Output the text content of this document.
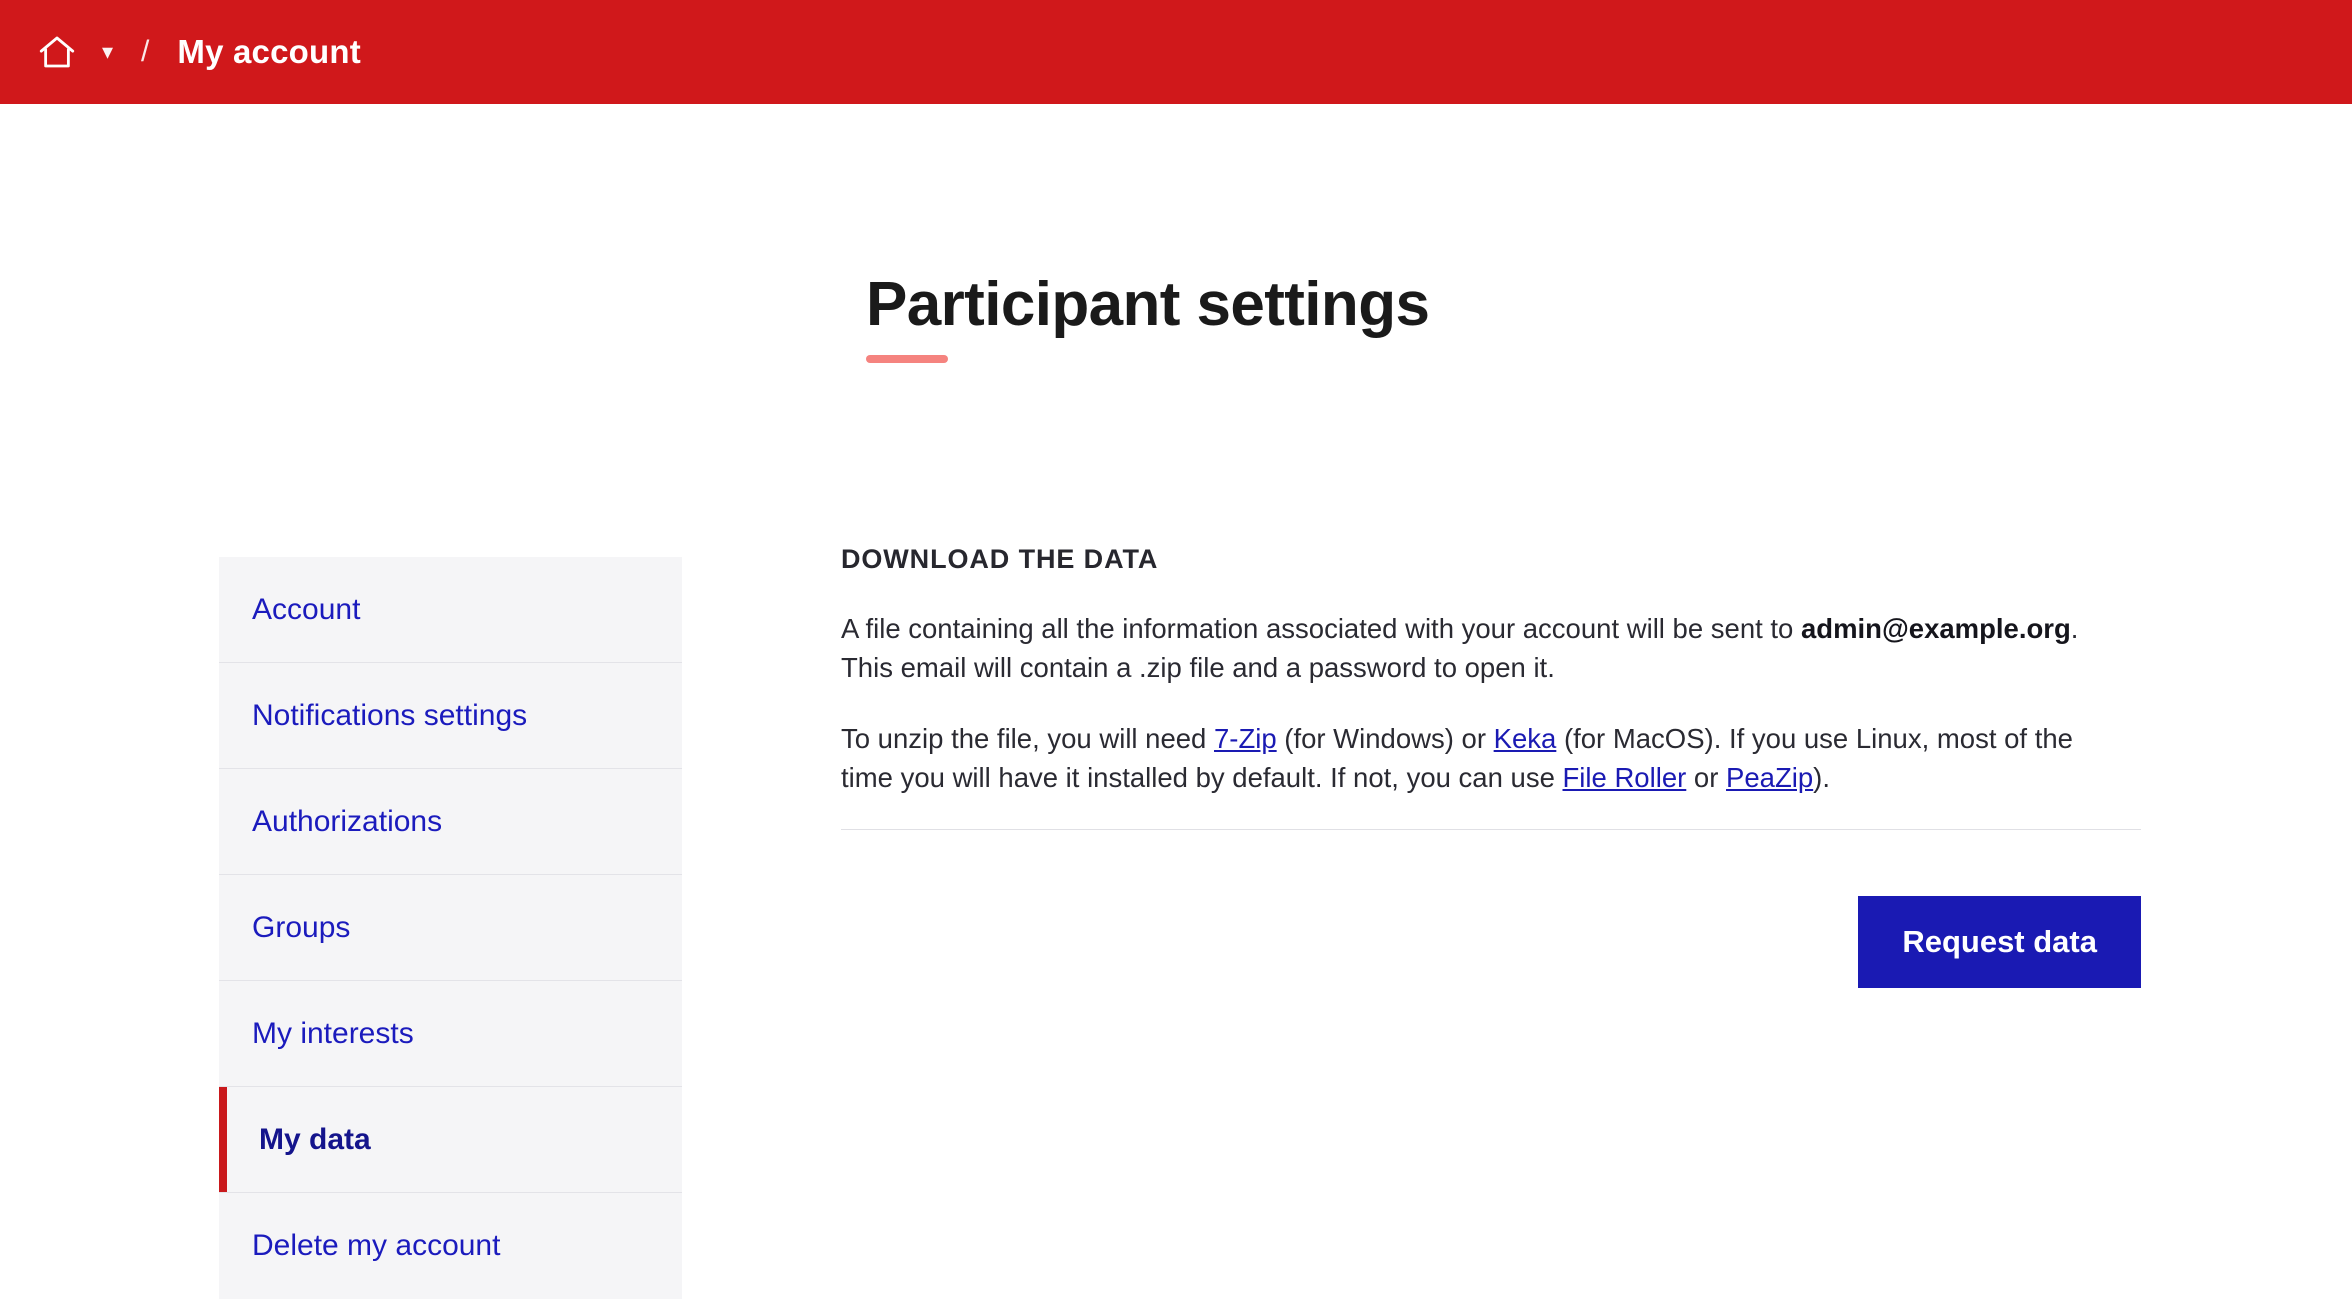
▾ / My account
Participant settings
Account
Notifications settings
Authorizations
Groups
My interests
My data
Delete my account
DOWNLOAD THE DATA

A file containing all the information associated with your account will be sent to admin@example.org. This email will contain a .zip file and a password to open it.

To unzip the file, you will need 7-Zip (for Windows) or Keka (for MacOS). If you use Linux, most of the time you will have it installed by default. If not, you can use File Roller or PeaZip).

Request data
